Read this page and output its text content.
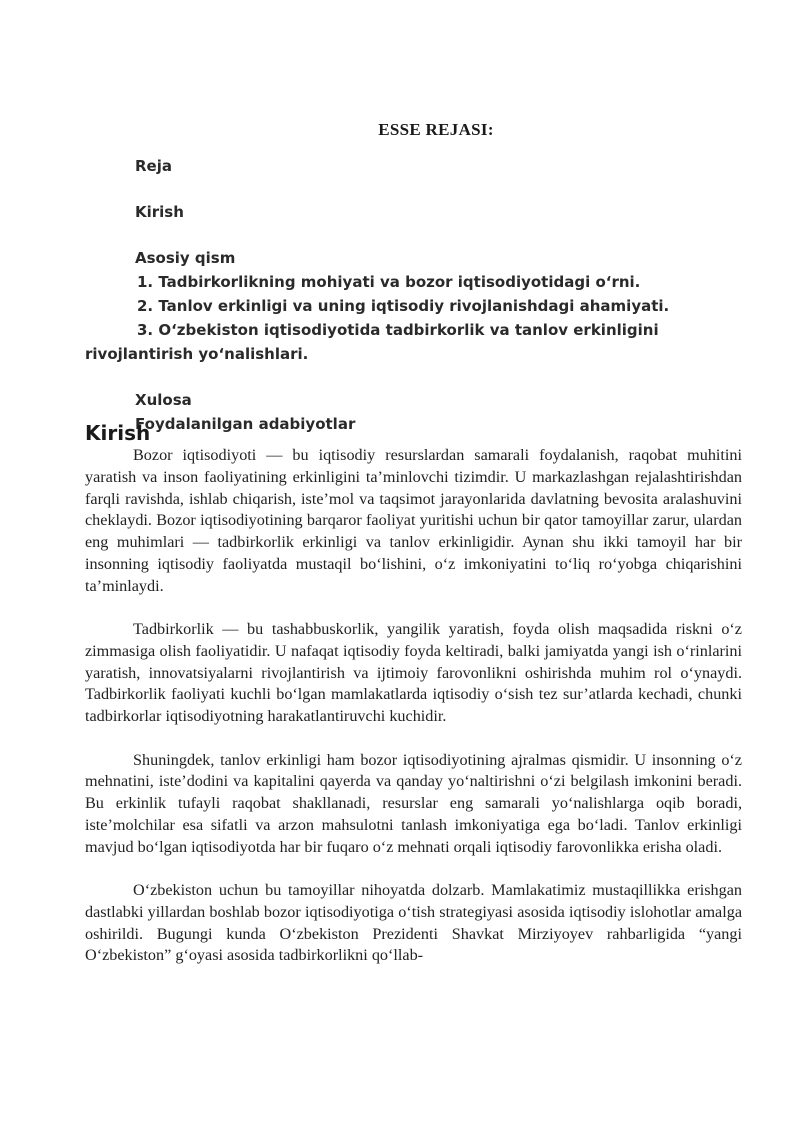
ESSE REJASI:
Reja
Kirish
Asosiy qism
1. Tadbirkorlikning mohiyati va bozor iqtisodiyotidagi o‘rni.
2. Tanlov erkinligi va uning iqtisodiy rivojlanishdagi ahamiyati.
3. O‘zbekiston iqtisodiyotida tadbirkorlik va tanlov erkinligini rivojlantirish yo‘nalishlari.
Xulosa
Foydalanilgan adabiyotlar
Kirish

Bozor iqtisodiyoti — bu iqtisodiy resurslardan samarali foydalanish, raqobat muhitini yaratish va inson faoliyatining erkinligini ta’minlovchi tizimdir. U markazlashgan rejalashtirishdan farqli ravishda, ishlab chiqarish, iste’mol va taqsimot jarayonlarida davlatning bevosita aralashuvini cheklaydi. Bozor iqtisodiyotining barqaror faoliyat yuritishi uchun bir qator tamoyillar zarur, ulardan eng muhimlari — tadbirkorlik erkinligi va tanlov erkinligidir. Aynan shu ikki tamoyil har bir insonning iqtisodiy faoliyatda mustaqil bo‘lishini, o‘z imkoniyatini to‘liq ro‘yobga chiqarishini ta’minlaydi.

Tadbirkorlik — bu tashabbuskorlik, yangilik yaratish, foyda olish maqsadida riskni o‘z zimmasiga olish faoliyatidir. U nafaqat iqtisodiy foyda keltiradi, balki jamiyatda yangi ish o‘rinlarini yaratish, innovatsiyalarni rivojlantirish va ijtimoiy farovonlikni oshirishda muhim rol o‘ynaydi. Tadbirkorlik faoliyati kuchli bo‘lgan mamlakatlarda iqtisodiy o‘sish tez sur’atlarda kechadi, chunki tadbirkorlar iqtisodiyotning harakatlantiruvchi kuchidir.

Shuningdek, tanlov erkinligi ham bozor iqtisodiyotining ajralmas qismidir. U insonning o‘z mehnatini, iste’dodini va kapitalini qayerda va qanday yo‘naltirishni o‘zi belgilash imkonini beradi. Bu erkinlik tufayli raqobat shakllanadi, resurslar eng samarali yo‘nalishlarga oqib boradi, iste’molchilar esa sifatli va arzon mahsulotni tanlash imkoniyatiga ega bo‘ladi. Tanlov erkinligi mavjud bo‘lgan iqtisodiyotda har bir fuqaro o‘z mehnati orqali iqtisodiy farovonlikka erisha oladi.

O‘zbekiston uchun bu tamoyillar nihoyatda dolzarb. Mamlakatimiz mustaqillikka erishgan dastlabki yillardan boshlab bozor iqtisodiyotiga o‘tish strategiyasi asosida iqtisodiy islohotlar amalga oshirildi. Bugungi kunda O‘zbekiston Prezidenti Shavkat Mirziyoyev rahbarligida “yangi O‘zbekiston” g‘oyasi asosida tadbirkorlikni qo‘llab-
